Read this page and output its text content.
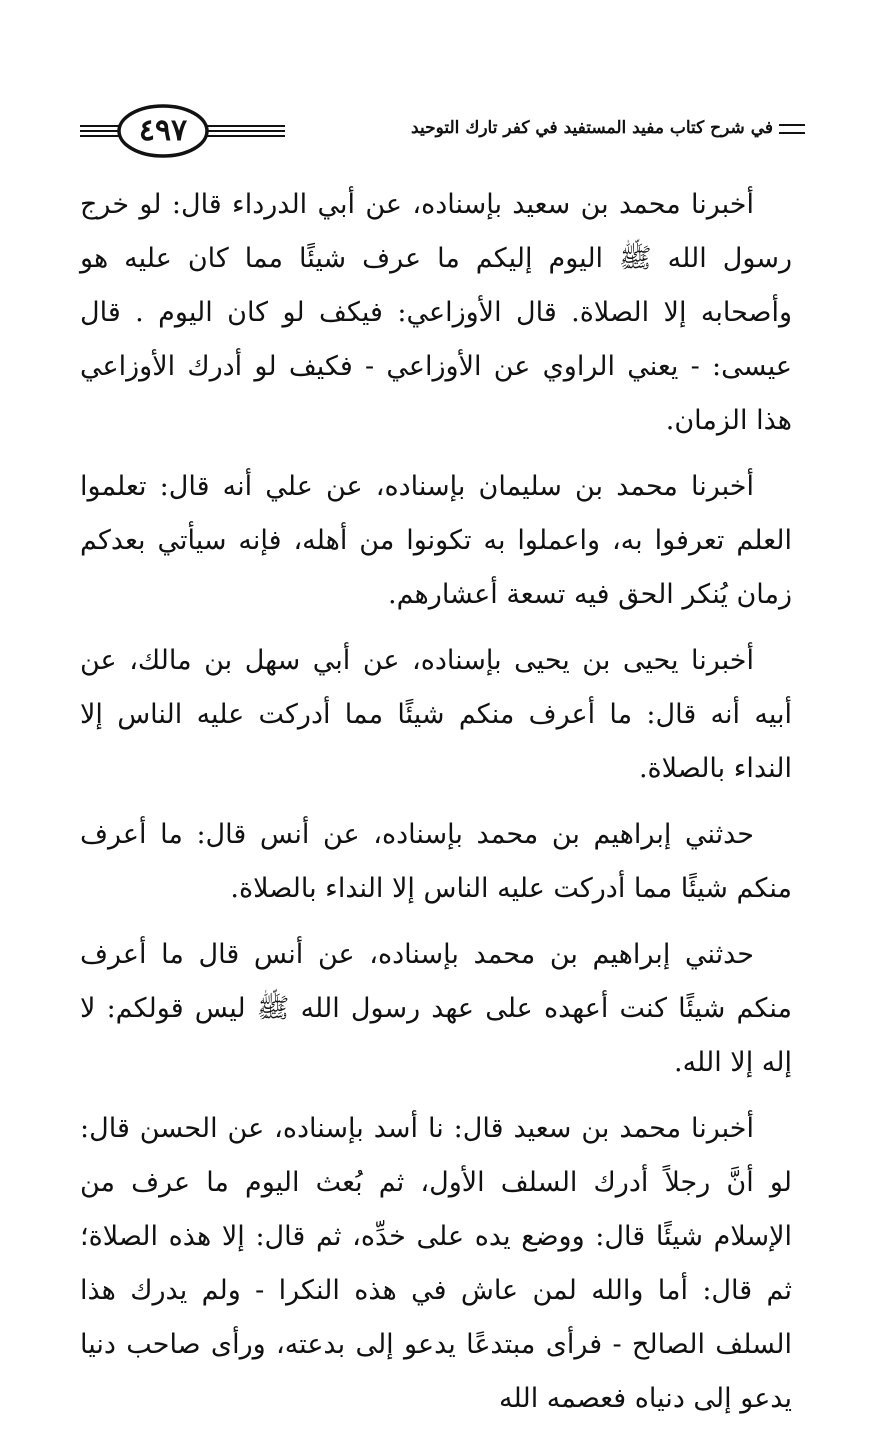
٤٩٧	في شرح كتاب مفيد المستفيد في كفر تارك التوحيد

أخبرنا محمد بن سعيد بإسناده، عن أبي الدرداء قال: لو خرج رسول الله ﷺ اليوم إليكم ما عرف شيئًا مما كان عليه هو وأصحابه إلا الصلاة. قال الأوزاعي: فيكف لو كان اليوم . قال عيسى: - يعني الراوي عن الأوزاعي - فكيف لو أدرك الأوزاعي هذا الزمان.

أخبرنا محمد بن سليمان بإسناده، عن علي أنه قال: تعلموا العلم تعرفوا به، واعملوا به تكونوا من أهله، فإنه سيأتي بعدكم زمان يُنكر الحق فيه تسعة أعشارهم.

أخبرنا يحيى بن يحيى بإسناده، عن أبي سهل بن مالك، عن أبيه أنه قال: ما أعرف منكم شيئًا مما أدركت عليه الناس إلا النداء بالصلاة.

حدثني إبراهيم بن محمد بإسناده، عن أنس قال: ما أعرف منكم شيئًا مما أدركت عليه الناس إلا النداء بالصلاة.

حدثني إبراهيم بن محمد بإسناده، عن أنس قال ما أعرف منكم شيئًا كنت أعهده على عهد رسول الله ﷺ ليس قولكم: لا إله إلا الله.

أخبرنا محمد بن سعيد قال: نا أسد بإسناده، عن الحسن قال: لو أنَّ رجلاً أدرك السلف الأول، ثم بُعث اليوم ما عرف من الإسلام شيئًا قال: ووضع يده على خدِّه، ثم قال: إلا هذه الصلاة؛ ثم قال: أما والله لمن عاش في هذه النكرا - ولم يدرك هذا السلف الصالح - فرأى مبتدعًا يدعو إلى بدعته، ورأى صاحب دنيا يدعو إلى دنياه فعصمه الله
